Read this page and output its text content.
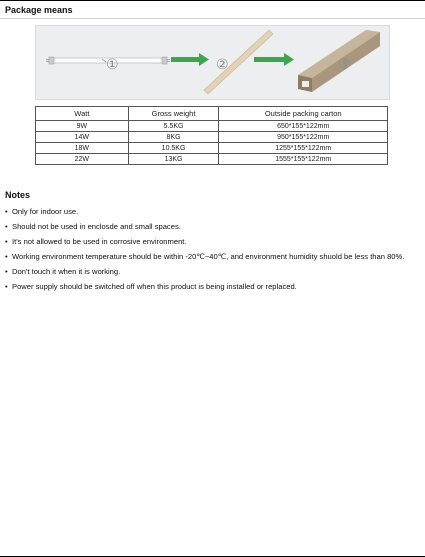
Package means
①	②	③
Watt	Gross weight	Outside packing carton
9W	5.5KG	650*155*122mm
14W	8KG	950*155*122mm
18W	10.5KG	1255*155*122mm
22W	13KG	1555*155*122mm
Notes
• Only for indoor use.
• Should not be used in enclosde and small spaces.
• It's not allowed to be used in corrosive environment.
• Working environment temperature should be within -20℃~40℃, and environment humidity shuold be less than 80%.
• Don't touch it when it is working.
• Power supply should be switched off when this product is being installed or replaced.
